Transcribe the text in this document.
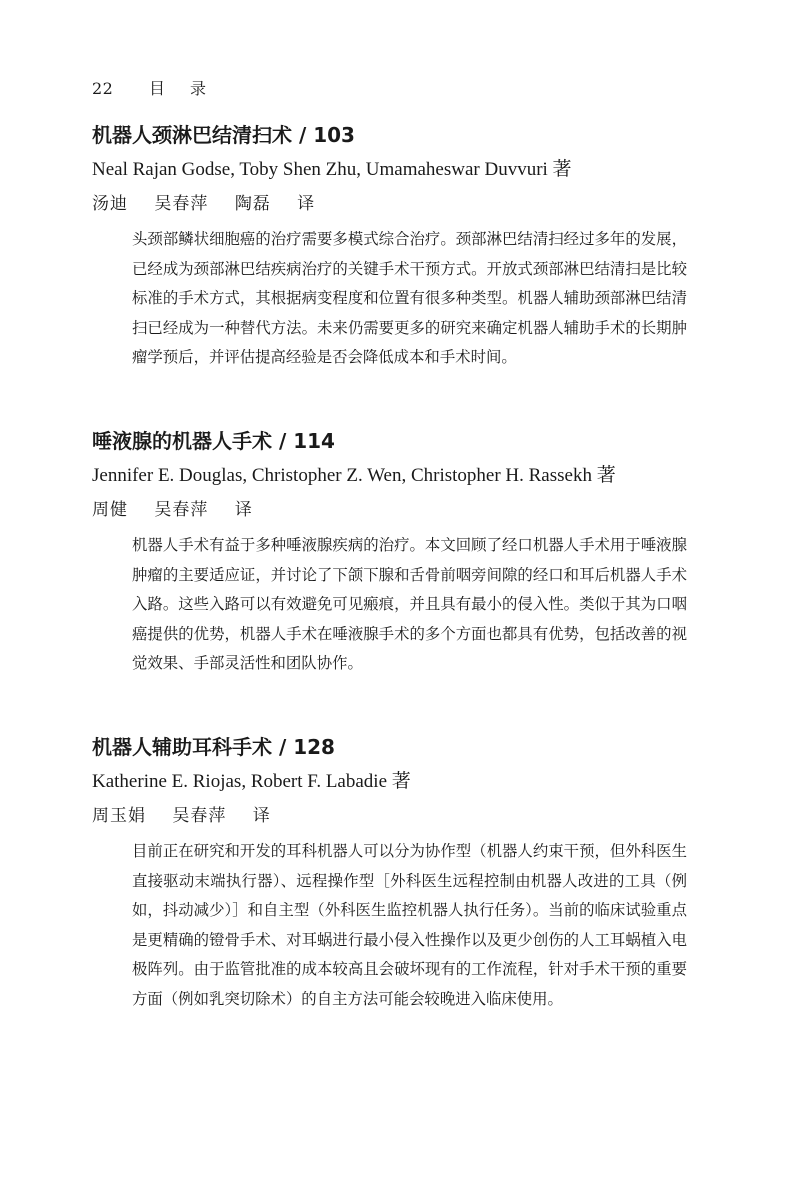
22 目 录
机器人颈淋巴结清扫术 / 103
Neal Rajan Godse, Toby Shen Zhu, Umamaheswar Duvvuri 著
汤迪 吴春萍 陶磊 译

头颈部鳞状细胞癌的治疗需要多模式综合治疗。颈部淋巴结清扫经过多年的发展，已经成为颈部淋巴结疾病治疗的关键手术干预方式。开放式颈部淋巴结清扫是比较标准的手术方式，其根据病变程度和位置有很多种类型。机器人辅助颈部淋巴结清扫已经成为一种替代方法。未来仍需要更多的研究来确定机器人辅助手术的长期肿瘤学预后，并评估提高经验是否会降低成本和手术时间。

唾液腺的机器人手术 / 114
Jennifer E. Douglas, Christopher Z. Wen, Christopher H. Rassekh 著
周健 吴春萍 译

机器人手术有益于多种唾液腺疾病的治疗。本文回顾了经口机器人手术用于唾液腺肿瘤的主要适应证，并讨论了下颌下腺和舌骨前咽旁间隙的经口和耳后机器人手术入路。这些入路可以有效避免可见瘢痕，并且具有最小的侵入性。类似于其为口咽癌提供的优势，机器人手术在唾液腺手术的多个方面也都具有优势，包括改善的视觉效果、手部灵活性和团队协作。

机器人辅助耳科手术 / 128
Katherine E. Riojas, Robert F. Labadie 著
周玉娟 吴春萍 译

目前正在研究和开发的耳科机器人可以分为协作型（机器人约束干预，但外科医生直接驱动末端执行器）、远程操作型［外科医生远程控制由机器人改进的工具（例如，抖动减少）］和自主型（外科医生监控机器人执行任务）。当前的临床试验重点是更精确的镫骨手术、对耳蜗进行最小侵入性操作以及更少创伤的人工耳蜗植入电极阵列。由于监管批准的成本较高且会破坏现有的工作流程，针对手术干预的重要方面（例如乳突切除术）的自主方法可能会较晚进入临床使用。
